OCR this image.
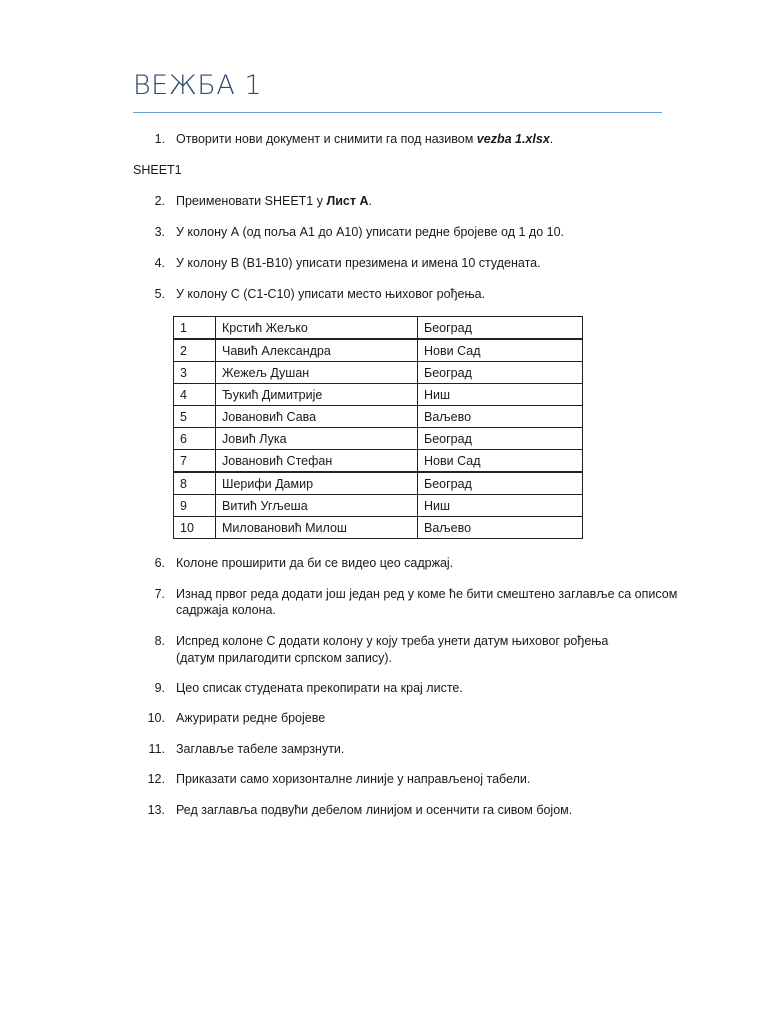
ВЕЖБА 1
1. Отворити нови документ и снимити га под називом vezba 1.xlsx.
SHEET1
2. Преименовати SHEET1 у Лист А.
3. У колону А (од поља А1 до А10) уписати редне бројеве од 1 до 10.
4. У колону B (B1-B10) уписати презимена и имена 10 студената.
5. У колону C (C1-C10) уписати место њиховог рођења.
1	Крстић Жељко	Београд
2	Чавић Александра	Нови Сад
3	Жежељ Душан	Београд
4	Ђукић Димитрије	Ниш
5	Јовановић Сава	Ваљево
6	Јовић Лука	Београд
7	Јовановић Стефан	Нови Сад
8	Шерифи Дамир	Београд
9	Витић Угљеша	Ниш
10	Миловановић Милош	Ваљево
6. Колоне проширити да би се видео цео садржај.
7. Изнад првог реда додати још један ред у коме ће бити смештено заглавље са описом
садржаја колона.
8. Испред колоне C додати колону у коју треба унети датум њиховог рођења
(датум прилагодити српском запису).
9. Цео списак студената прекопирати на крај листе.
10. Ажурирати редне бројеве
11. Заглавље табеле замрзнути.
12. Приказати само хоризонталне линије у направљеној табели.
13. Ред заглавља подвући дебелом линијом и осенчити га сивом бојом.
